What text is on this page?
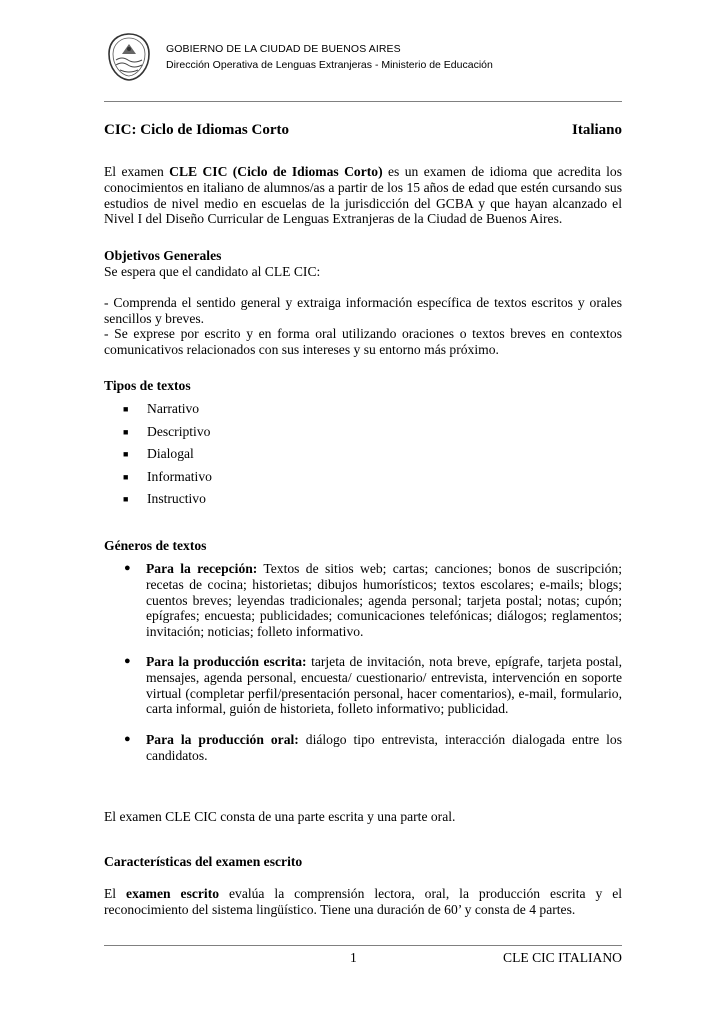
GOBIERNO DE LA CIUDAD DE BUENOS AIRES
Dirección Operativa de Lenguas Extranjeras - Ministerio de Educación
CIC: Ciclo de Idiomas Corto	Italiano

El examen CLE CIC (Ciclo de Idiomas Corto) es un examen de idioma que acredita los conocimientos en italiano de alumnos/as a partir de los 15 años de edad que estén cursando sus estudios de nivel medio en escuelas de la jurisdicción del GCBA y que hayan alcanzado el Nivel I del Diseño Curricular de Lenguas Extranjeras de la Ciudad de Buenos Aires.

Objetivos Generales
Se espera que el candidato al CLE CIC:
- Comprenda el sentido general y extraiga información específica de textos escritos y orales sencillos y breves.
- Se exprese por escrito y en forma oral utilizando oraciones o textos breves en contextos comunicativos relacionados con sus intereses y su entorno más próximo.
Tipos de textos
■	Narrativo
■	Descriptivo
■	Dialogal
■	Informativo
■	Instructivo
Géneros de textos
●	Para la recepción: Textos de sitios web; cartas; canciones; bonos de suscripción; recetas de cocina; historietas; dibujos humorísticos; textos escolares; e-mails; blogs; cuentos breves; leyendas tradicionales; agenda personal; tarjeta postal; notas; cupón; epígrafes; encuesta; publicidades; comunicaciones telefónicas; diálogos; reglamentos; invitación; noticias; folleto informativo.
●	Para la producción escrita: tarjeta de invitación, nota breve, epígrafe, tarjeta postal, mensajes, agenda personal, encuesta/ cuestionario/ entrevista, intervención en soporte virtual (completar perfil/presentación personal, hacer comentarios), e-mail, formulario, carta informal, guión de historieta, folleto informativo; publicidad.
●	Para la producción oral: diálogo tipo entrevista, interacción dialogada entre los candidatos.
El examen CLE CIC consta de una parte escrita y una parte oral.
Características del examen escrito

El examen escrito evalúa la comprensión lectora, oral, la producción escrita y el reconocimiento del sistema lingüístico. Tiene una duración de 60’ y consta de 4 partes.

1	CLE CIC ITALIANO
